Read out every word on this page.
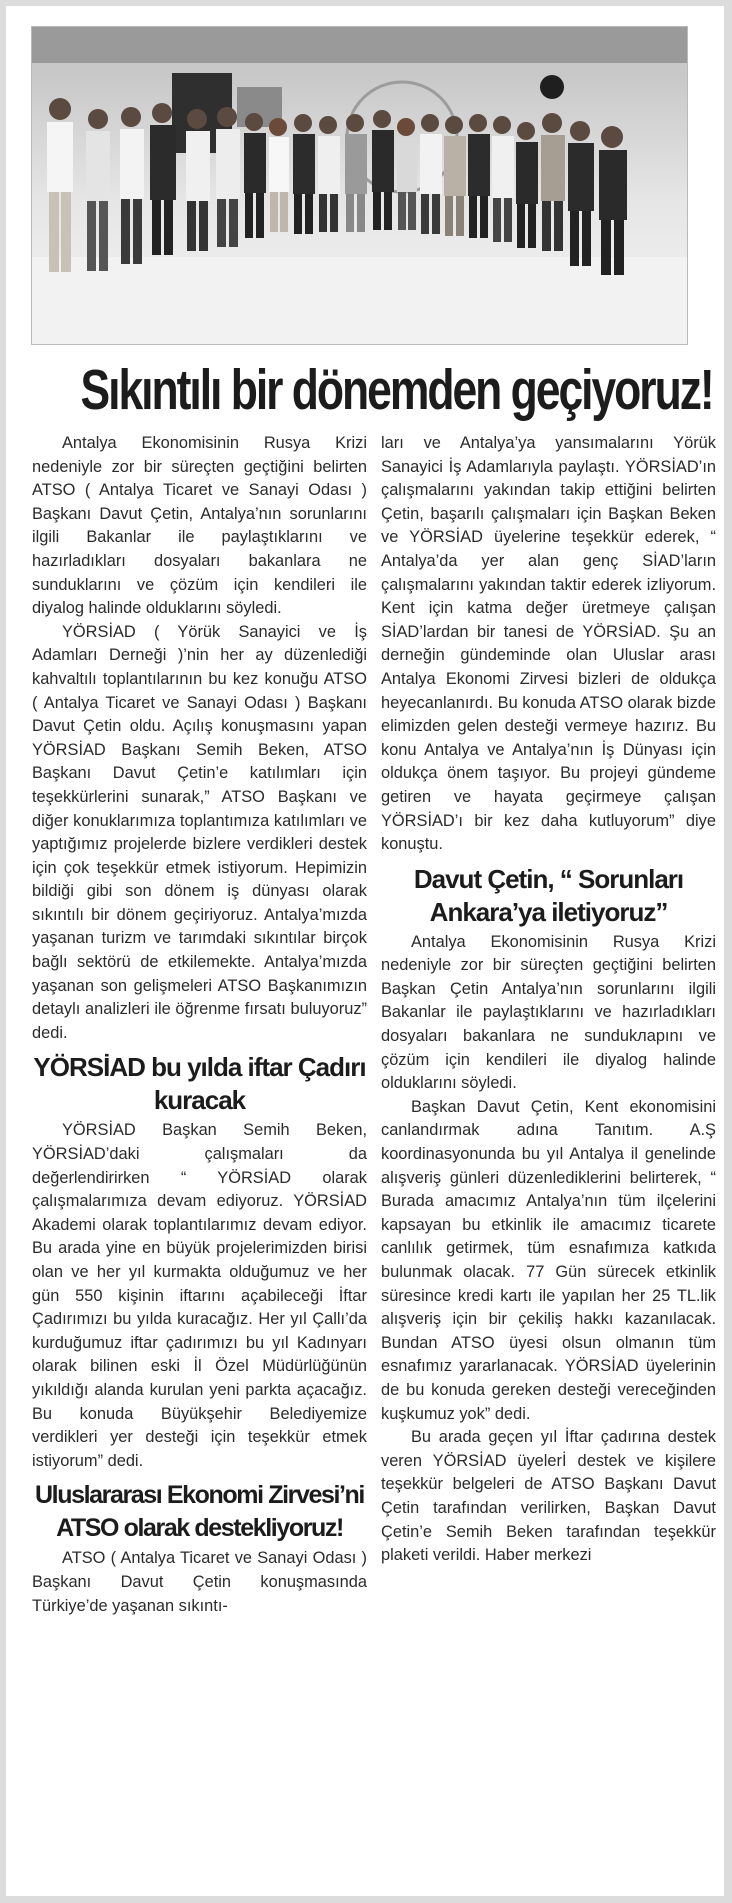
Sıkıntılı bir dönemden geçiyoruz!

Antalya Ekonomisinin Rusya Krizi nedeniyle zor bir süreçten geçtiğini belirten ATSO ( Antalya Ticaret ve Sanayi Odası ) Başkanı Davut Çetin, Antalya’nın sorunlarını ilgili Bakanlar ile paylaştıklarını ve hazırladıkları dosyaları bakanlara ne sunduklarını ve çözüm için kendileri ile diyalog halinde olduklarını söyledi.

YÖRSİAD ( Yörük Sanayici ve İş Adamları Derneği )’nin her ay düzenlediği kahvaltılı toplantılarının bu kez konuğu ATSO ( Antalya Ticaret ve Sanayi Odası ) Başkanı Davut Çetin oldu. Açılış konuşmasını yapan YÖRSİAD Başkanı Semih Beken, ATSO Başkanı Davut Çetin’e katılımları için teşekkürlerini sunarak,” ATSO Başkanı ve diğer konuklarımıza toplantımıza katılımları ve yaptığımız projelerde bizlere verdikleri destek için çok teşekkür etmek istiyorum. Hepimizin bildiği gibi son dönem iş dünyası olarak sıkıntılı bir dönem geçiriyoruz. Antalya’mızda yaşanan turizm ve tarımdaki sıkıntılar birçok bağlı sektörü de etkilemekte. Antalya’mızda yaşanan son gelişmeleri ATSO Başkanımızın detaylı analizleri ile öğrenme fırsatı buluyoruz” dedi.

YÖRSİAD bu yılda iftar Çadırı kuracak

YÖRSİAD Başkan Semih Beken, YÖRSİAD’daki çalışmaları da değerlendirirken “ YÖRSİAD olarak çalışmalarımıza devam ediyoruz. YÖRSİAD Akademi olarak toplantılarımız devam ediyor. Bu arada yine en büyük projelerimizden birisi olan ve her yıl kurmakta olduğumuz ve her gün 550 kişinin iftarını açabileceği İftar Çadırımızı bu yılda kuracağız. Her yıl Çallı’da kurduğumuz iftar çadırımızı bu yıl Kadınyarı olarak bilinen eski İl Özel Müdürlüğünün yıkıldığı alanda kurulan yeni parkta açacağız. Bu konuda Büyükşehir Belediyemize verdikleri yer desteği için teşekkür etmek istiyorum” dedi.

Uluslararası Ekonomi Zirvesi’ni ATSO olarak destekliyoruz!

ATSO ( Antalya Ticaret ve Sanayi Odası ) Başkanı Davut Çetin konuşmasında Türkiye’de yaşanan sıkıntı-

ları ve Antalya’ya yansımalarını Yörük Sanayici İş Adamlarıyla paylaştı. YÖRSİAD’ın çalışmalarını yakından takip ettiğini belirten Çetin, başarılı çalışmaları için Başkan Beken ve YÖRSİAD üyelerine teşekkür ederek, “ Antalya’da yer alan genç SİAD’ların çalışmalarını yakından taktir ederek izliyorum. Kent için katma değer üretmeye çalışan SİAD’lardan bir tanesi de YÖRSİAD. Şu an derneğin gündeminde olan Uluslar arası Antalya Ekonomi Zirvesi bizleri de oldukça heyecanlanırdı. Bu konuda ATSO olarak bizde elimizden gelen desteği vermeye hazırız. Bu konu Antalya ve Antalya’nın İş Dünyası için oldukça önem taşıyor. Bu projeyi gündeme getiren ve hayata geçirmeye çalışan YÖRSİAD’ı bir kez daha kutluyorum” diye konuştu.

Davut Çetin, “ Sorunları Ankara’ya iletiyoruz”

Antalya Ekonomisinin Rusya Krizi nedeniyle zor bir süreçten geçtiğini belirten Başkan Çetin Antalya’nın sorunlarını ilgili Bakanlar ile paylaştıklarını ve hazırladıkları dosyaları bakanlara ne sundukларını ve çözüm için kendileri ile diyalog halinde olduklarını söyledi.

Başkan Davut Çetin, Kent ekonomisini canlandırmak adına Tanıtım. A.Ş koordinasyonunda bu yıl Antalya il genelinde alışveriş günleri düzenlediklerini belirterek, “ Burada amacımız Antalya’nın tüm ilçelerini kapsayan bu etkinlik ile amacımız ticarete canlılık getirmek, tüm esnafımıza katkıda bulunmak olacak. 77 Gün sürecek etkinlik süresince kredi kartı ile yapılan her 25 TL.lik alışveriş için bir çekiliş hakkı kazanılacak. Bundan ATSO üyesi olsun olmanın tüm esnafımız yararlanacak. YÖRSİAD üyelerinin de bu konuda gereken desteği vereceğinden kuşkumuz yok” dedi.

Bu arada geçen yıl İftar çadırına destek veren YÖRSİAD üyelerİ destek ve kişilere teşekkür belgeleri de ATSO Başkanı Davut Çetin tarafından verilirken, Başkan Davut Çetin’e Semih Beken tarafından teşekkür plaketi verildi. Haber merkezi
